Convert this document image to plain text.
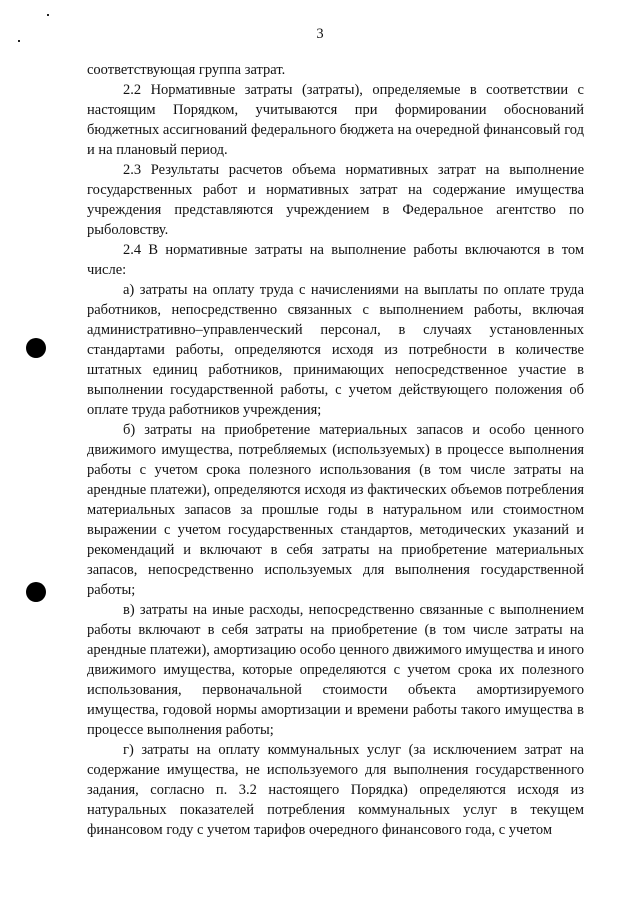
3

соответствующая группа затрат.

2.2 Нормативные затраты (затраты), определяемые в соответствии с настоящим Порядком, учитываются при формировании обоснований бюджетных ассигнований федерального бюджета на очередной финансовый год и на плановый период.

2.3 Результаты расчетов объема нормативных затрат на выполнение государственных работ и нормативных затрат на содержание имущества учреждения представляются учреждением в Федеральное агентство по рыболовству.

2.4 В нормативные затраты на выполнение работы включаются в том числе:

а) затраты на оплату труда с начислениями на выплаты по оплате труда работников, непосредственно связанных с выполнением работы, включая административно–управленческий персонал, в случаях установленных стандартами работы, определяются исходя из потребности в количестве штатных единиц работников, принимающих непосредственное участие в выполнении государственной работы, с учетом действующего положения об оплате труда работников учреждения;

б) затраты на приобретение материальных запасов и особо ценного движимого имущества, потребляемых (используемых) в процессе выполнения работы с учетом срока полезного использования (в том числе затраты на арендные платежи), определяются исходя из фактических объемов потребления материальных запасов за прошлые годы в натуральном или стоимостном выражении с учетом государственных стандартов, методических указаний и рекомендаций и включают в себя затраты на приобретение материальных запасов, непосредственно используемых для выполнения государственной работы;

в) затраты на иные расходы, непосредственно связанные с выполнением работы включают в себя затраты на приобретение (в том числе затраты на арендные платежи), амортизацию особо ценного движимого имущества и иного движимого имущества, которые определяются с учетом срока их полезного использования, первоначальной стоимости объекта амортизируемого имущества, годовой нормы амортизации и времени работы такого имущества в процессе выполнения работы;

г) затраты на оплату коммунальных услуг (за исключением затрат на содержание имущества, не используемого для выполнения государственного задания, согласно п. 3.2 настоящего Порядка) определяются исходя из натуральных показателей потребления коммунальных услуг в текущем финансовом году с учетом тарифов очередного финансового года, с учетом
